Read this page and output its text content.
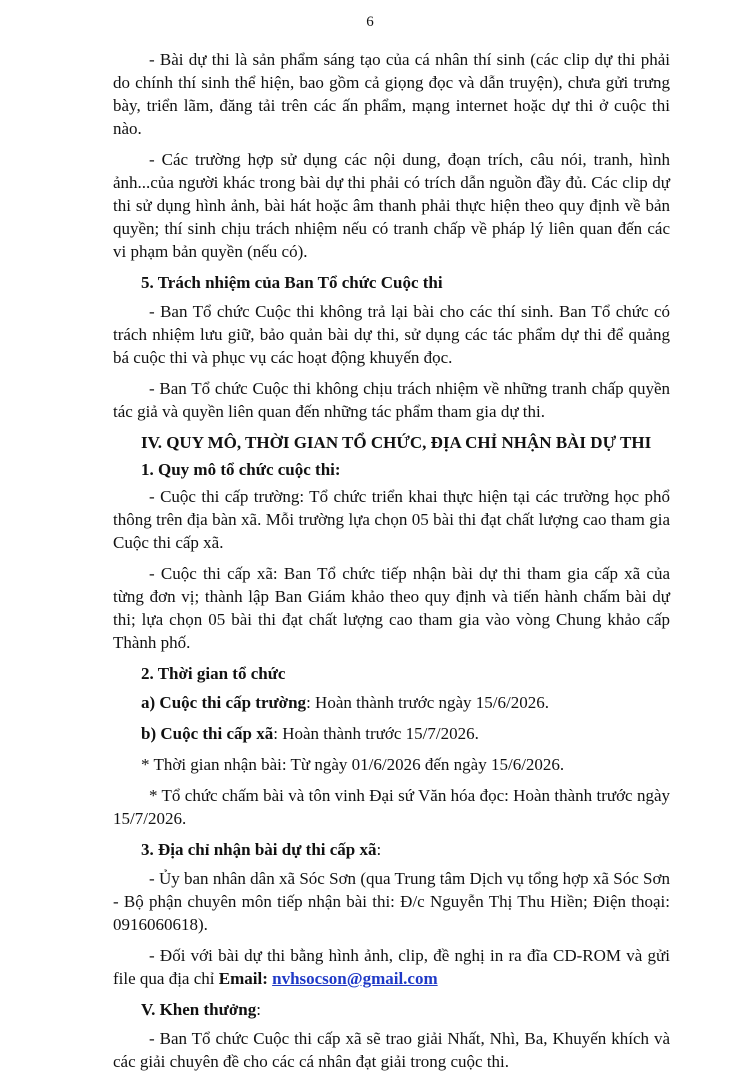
6

- Bài dự thi là sản phẩm sáng tạo của cá nhân thí sinh (các clip dự thi phải do chính thí sinh thể hiện, bao gồm cả giọng đọc và dẫn truyện), chưa gửi trưng bày, triển lãm, đăng tải trên các ấn phẩm, mạng internet hoặc dự thi ở cuộc thi nào.

- Các trường hợp sử dụng các nội dung, đoạn trích, câu nói, tranh, hình ảnh...của người khác trong bài dự thi phải có trích dẫn nguồn đầy đủ. Các clip dự thi sử dụng hình ảnh, bài hát hoặc âm thanh phải thực hiện theo quy định về bản quyền; thí sinh chịu trách nhiệm nếu có tranh chấp về pháp lý liên quan đến các vi phạm bản quyền (nếu có).

5. Trách nhiệm của Ban Tổ chức Cuộc thi

- Ban Tổ chức Cuộc thi không trả lại bài cho các thí sinh. Ban Tổ chức có trách nhiệm lưu giữ, bảo quản bài dự thi, sử dụng các tác phẩm dự thi để quảng bá cuộc thi và phục vụ các hoạt động khuyến đọc.

- Ban Tổ chức Cuộc thi không chịu trách nhiệm về những tranh chấp quyền tác giả và quyền liên quan đến những tác phẩm tham gia dự thi.

IV. QUY MÔ, THỜI GIAN TỔ CHỨC, ĐỊA CHỈ NHẬN BÀI DỰ THI
1. Quy mô tổ chức cuộc thi:

- Cuộc thi cấp trường: Tổ chức triển khai thực hiện tại các trường học phổ thông trên địa bàn xã. Mỗi trường lựa chọn 05 bài thi đạt chất lượng cao tham gia Cuộc thi cấp xã.

- Cuộc thi cấp xã: Ban Tổ chức tiếp nhận bài dự thi tham gia cấp xã của từng đơn vị; thành lập Ban Giám khảo theo quy định và tiến hành chấm bài dự thi; lựa chọn 05 bài thi đạt chất lượng cao tham gia vào vòng Chung khảo cấp Thành phố.

2. Thời gian tổ chức
a) Cuộc thi cấp trường: Hoàn thành trước ngày 15/6/2026.
b) Cuộc thi cấp xã: Hoàn thành trước 15/7/2026.
* Thời gian nhận bài: Từ ngày 01/6/2026 đến ngày 15/6/2026.

* Tổ chức chấm bài và tôn vinh Đại sứ Văn hóa đọc: Hoàn thành trước ngày 15/7/2026.

3. Địa chỉ nhận bài dự thi cấp xã:

- Ủy ban nhân dân xã Sóc Sơn (qua Trung tâm Dịch vụ tổng hợp xã Sóc Sơn - Bộ phận chuyên môn tiếp nhận bài thi: Đ/c Nguyễn Thị Thu Hiền; Điện thoại: 0916060618).

- Đối với bài dự thi bằng hình ảnh, clip, đề nghị in ra đĩa CD-ROM và gửi file qua địa chỉ Email: nvhsocson@gmail.com

V. Khen thưởng:

- Ban Tổ chức Cuộc thi cấp xã sẽ trao giải Nhất, Nhì, Ba, Khuyến khích và các giải chuyên đề cho các cá nhân đạt giải trong cuộc thi.
